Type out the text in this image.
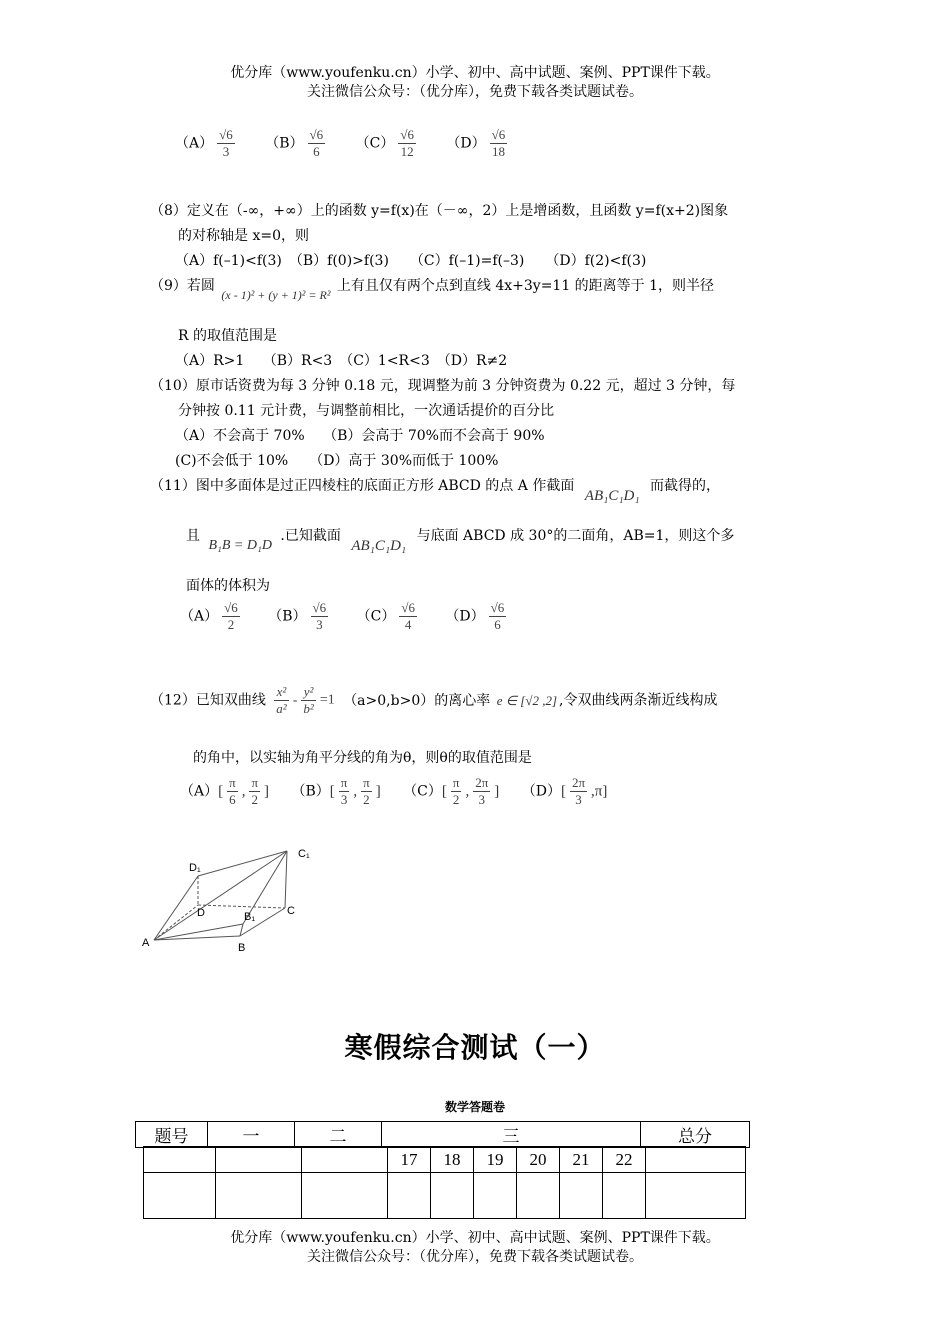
优分库（www.youfenku.cn）小学、初中、高中试题、案例、PPT课件下载。
关注微信公众号：（优分库），免费下载各类试题试卷。
$(A) \frac{√6}{3} (B) \frac{√6}{6} (C) \frac{√6}{12} (D) \frac{√6}{18}$
（8）定义在（-∞，+∞）上的函数 y=f(x)在（－∞，2）上是增函数，且函数 y=f(x+2)图象
的对称轴是 x=0，则
（A）f(–1)<f(3)　（B）f(0)>f(3)　　（C）f(–1)=f(–3)　　（D）f(2)<f(3)
（9）若圆 (x - 1)² + (y + 1)² = R² 上有且仅有两个点到直线 4x+3y=11 的距离等于 1，则半径
R 的取值范围是
（A）R>1　 （B）R<3　（C）1<R<3　（D）R≠2
（10）原市话资费为每 3 分钟 0.18 元，现调整为前 3 分钟资费为 0.22 元，超过 3 分钟，每
分钟按 0.11 元计费，与调整前相比，一次通话提价的百分比
（A）不会高于 70%　 （B）会高于 70%而不会高于 90%
(C)不会低于 10%　　（D）高于 30%而低于 100%
（11）图中多面体是过正四棱柱的底面正方形 ABCD 的点 A 作截面 AB₁C₁D₁ 而截得的，
且 B₁B = D₁D .已知截面 AB₁C₁D₁ 与底面 ABCD 成 30°的二面角，AB=1，则这个多
面体的体积为
$(A) \frac{√6}{2} (B) \frac{√6}{3} (C) \frac{√6}{4} (D) \frac{√6}{6}$
（12）已知双曲线 $\frac{\text{x²}}{\text{a²}} - \frac{\text{y²}}{\text{b²}} =1$ （a>0,b>0）的离心率 e ∈ [√2 ,2] ,令双曲线两条渐近线构成
的角中，以实轴为角平分线的角为θ，则θ的取值范围是
$(A)[ \frac{\pi}{6}$ , $\frac{\pi}{2}$ ] $(B)[ \frac{\pi}{3}$ , $\frac{\pi}{2}$ ] $(C)[ \frac{\pi}{2}$ , $\frac{2\pi}{3}$ ] $(D)[ \frac{2\pi}{3} ,\pi]$
A	B
C
D	B₁
C₁
D₁
寒假综合测试（一）
数学答题卷
题号	一	二	三	总分
			17	18	19	20	21	22	

优分库（www.youfenku.cn）小学、初中、高中试题、案例、PPT课件下载。
关注微信公众号：（优分库），免费下载各类试题试卷。
